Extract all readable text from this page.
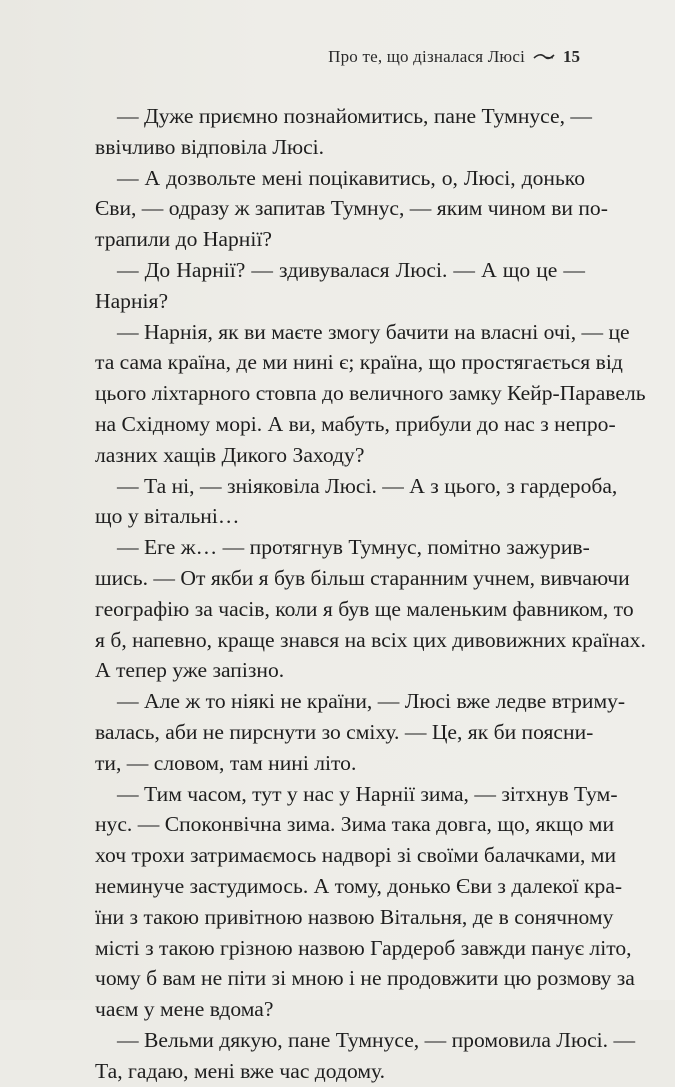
Про те, що дізналася Люсі 15
— Дуже приємно познайомитись, пане Тумнусе, —
ввічливо відповіла Люсі.
— А дозвольте мені поцікавитись, о, Люсі, донько
Єви, — одразу ж запитав Тумнус, — яким чином ви по-
трапили до Нарнії?
— До Нарнії? — здивувалася Люсі. — А що це —
Нарнія?
— Нарнія, як ви маєте змогу бачити на власні очі, — це
та сама країна, де ми нині є; країна, що простягається від
цього ліхтарного стовпа до величного замку Кейр-Паравель
на Східному морі. А ви, мабуть, прибули до нас з непро-
лазних хащів Дикого Заходу?
— Та ні, — зніяковіла Люсі. — А з цього, з гардероба,
що у вітальні…
— Еге ж… — протягнув Тумнус, помітно зажурив-
шись. — От якби я був більш старанним учнем, вивчаючи
географію за часів, коли я був ще маленьким фавником, то
я б, напевно, краще знався на всіх цих дивовижних країнах.
А тепер уже запізно.
— Але ж то ніякі не країни, — Люсі вже ледве втриму-
валась, аби не пирснути зо сміху. — Це, як би поясни-
ти, — словом, там нині літо.
— Тим часом, тут у нас у Нарнії зима, — зітхнув Тум-
нус. — Споконвічна зима. Зима така довга, що, якщо ми
хоч трохи затримаємось надворі зі своїми балачками, ми
неминуче застудимось. А тому, донько Єви з далекої кра-
їни з такою привітною назвою Вітальня, де в сонячному
місті з такою грізною назвою Гардероб завжди панує літо,
чому б вам не піти зі мною і не продовжити цю розмову за
чаєм у мене вдома?
— Вельми дякую, пане Тумнусе, — промовила Люсі. —
Та, гадаю, мені вже час додому.
